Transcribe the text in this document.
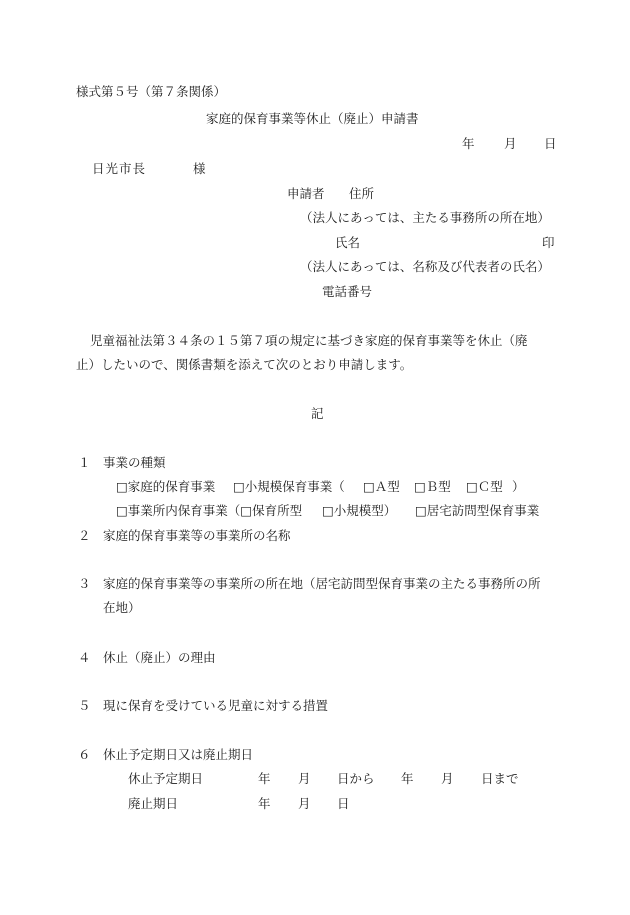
様式第５号（第７条関係）
家庭的保育事業等休止（廃止）申請書
年 月 日
日光市長	様
申請者 住所
（法人にあっては、主たる事務所の所在地）
氏名	印
（法人にあっては、名称及び代表者の氏名）
電話番号
児童福祉法第３４条の１５第７項の規定に基づき家庭的保育事業等を休止（廃
止）したいので、関係書類を添えて次のとおり申請します。
記
１ 事業の種類
□家庭的保育事業 □小規模保育事業（ □Ａ型 □Ｂ型 □Ｃ型 ）
□事業所内保育事業（□保育所型 □小規模型） □居宅訪問型保育事業
２ 家庭的保育事業等の事業所の名称
３ 家庭的保育事業等の事業所の所在地（居宅訪問型保育事業の主たる事務所の所
在地）
４ 休止（廃止）の理由
５ 現に保育を受けている児童に対する措置
６ 休止予定期日又は廃止期日
休止予定期日	年 月 日から 年 月 日まで
廃止期日	年 月 日
